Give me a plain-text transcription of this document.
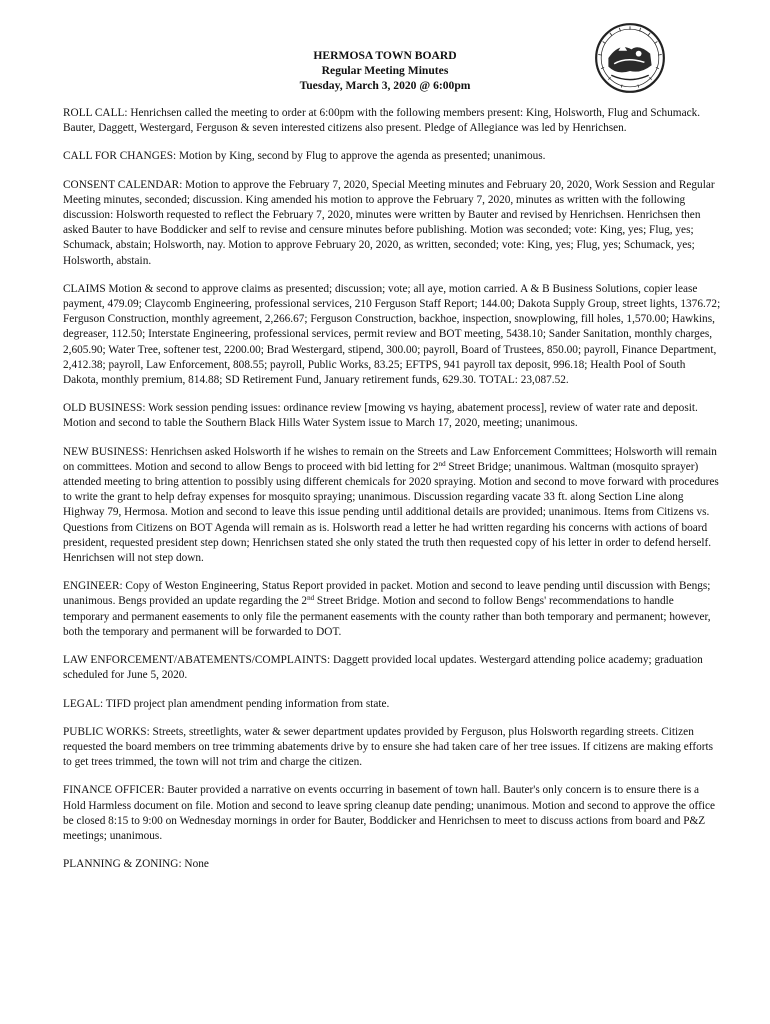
HERMOSA TOWN BOARD
Regular Meeting Minutes
Tuesday, March 3, 2020 @ 6:00pm

ROLL CALL: Henrichsen called the meeting to order at 6:00pm with the following members present: King, Holsworth, Flug and Schumack. Bauter, Daggett, Westergard, Ferguson & seven interested citizens also present. Pledge of Allegiance was led by Henrichsen.

CALL FOR CHANGES: Motion by King, second by Flug to approve the agenda as presented; unanimous.

CONSENT CALENDAR: Motion to approve the February 7, 2020, Special Meeting minutes and February 20, 2020, Work Session and Regular Meeting minutes, seconded; discussion. King amended his motion to approve the February 7, 2020, minutes as written with the following discussion: Holsworth requested to reflect the February 7, 2020, minutes were written by Bauter and revised by Henrichsen. Henrichsen then asked Bauter to have Boddicker and self to revise and censure minutes before publishing. Motion was seconded; vote: King, yes; Flug, yes; Schumack, abstain; Holsworth, nay. Motion to approve February 20, 2020, as written, seconded; vote: King, yes; Flug, yes; Schumack, yes; Holsworth, abstain.

CLAIMS Motion & second to approve claims as presented; discussion; vote; all aye, motion carried. A & B Business Solutions, copier lease payment, 479.09; Claycomb Engineering, professional services, 210 Ferguson Staff Report; 144.00; Dakota Supply Group, street lights, 1376.72; Ferguson Construction, monthly agreement, 2,266.67; Ferguson Construction, backhoe, inspection, snowplowing, fill holes, 1,570.00; Hawkins, degreaser, 112.50; Interstate Engineering, professional services, permit review and BOT meeting, 5438.10; Sander Sanitation, monthly charges, 2,605.90; Water Tree, softener test, 2200.00; Brad Westergard, stipend, 300.00; payroll, Board of Trustees, 850.00; payroll, Finance Department, 2,412.38; payroll, Law Enforcement, 808.55; payroll, Public Works, 83.25; EFTPS, 941 payroll tax deposit, 996.18; Health Pool of South Dakota, monthly premium, 814.88; SD Retirement Fund, January retirement funds, 629.30. TOTAL: 23,087.52.

OLD BUSINESS: Work session pending issues: ordinance review [mowing vs haying, abatement process], review of water rate and deposit. Motion and second to table the Southern Black Hills Water System issue to March 17, 2020, meeting; unanimous.

NEW BUSINESS: Henrichsen asked Holsworth if he wishes to remain on the Streets and Law Enforcement Committees; Holsworth will remain on committees. Motion and second to allow Bengs to proceed with bid letting for 2nd Street Bridge; unanimous. Waltman (mosquito sprayer) attended meeting to bring attention to possibly using different chemicals for 2020 spraying. Motion and second to move forward with procedures to write the grant to help defray expenses for mosquito spraying; unanimous. Discussion regarding vacate 33 ft. along Section Line along Highway 79, Hermosa. Motion and second to leave this issue pending until additional details are provided; unanimous. Items from Citizens vs. Questions from Citizens on BOT Agenda will remain as is. Holsworth read a letter he had written regarding his concerns with actions of board president, requested president step down; Henrichsen stated she only stated the truth then requested copy of his letter in order to defend herself. Henrichsen will not step down.

ENGINEER: Copy of Weston Engineering, Status Report provided in packet. Motion and second to leave pending until discussion with Bengs; unanimous. Bengs provided an update regarding the 2nd Street Bridge. Motion and second to follow Bengs' recommendations to handle temporary and permanent easements to only file the permanent easements with the county rather than both temporary and permanent; however, both the temporary and permanent will be forwarded to DOT.

LAW ENFORCEMENT/ABATEMENTS/COMPLAINTS: Daggett provided local updates. Westergard attending police academy; graduation scheduled for June 5, 2020.

LEGAL: TIFD project plan amendment pending information from state.

PUBLIC WORKS: Streets, streetlights, water & sewer department updates provided by Ferguson, plus Holsworth regarding streets. Citizen requested the board members on tree trimming abatements drive by to ensure she had taken care of her tree issues. If citizens are making efforts to get trees trimmed, the town will not trim and charge the citizen.

FINANCE OFFICER: Bauter provided a narrative on events occurring in basement of town hall. Bauter's only concern is to ensure there is a Hold Harmless document on file. Motion and second to leave spring cleanup date pending; unanimous. Motion and second to approve the office be closed 8:15 to 9:00 on Wednesday mornings in order for Bauter, Boddicker and Henrichsen to meet to discuss actions from board and P&Z meetings; unanimous.

PLANNING & ZONING: None
